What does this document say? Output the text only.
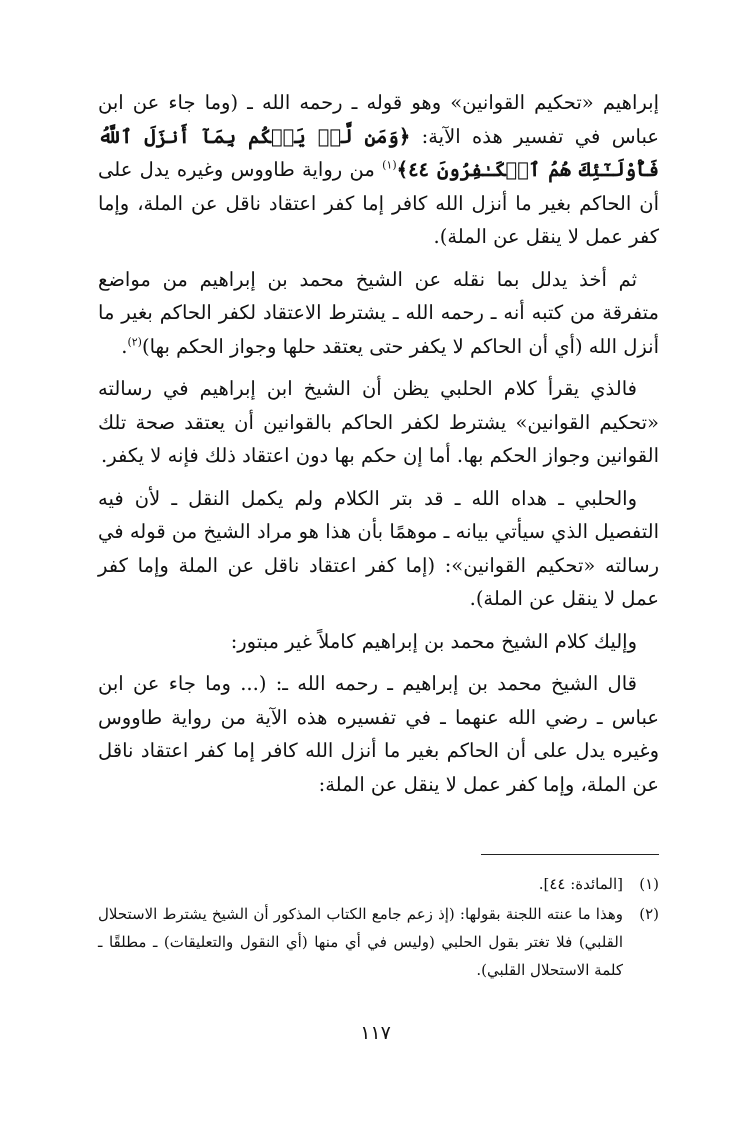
إبراهيم «تحكيم القوانين» وهو قوله ـ رحمه الله ـ (وما جاء عن ابن عباس في تفسير هذه الآية: ﴿وَمَن لَّمۡ يَحۡكُم بِمَآ أَنزَلَ ٱللَّهُ فَأُوْلَـٰٓئِكَ هُمُ ٱلۡكَـٰفِرُونَ ٤٤﴾$^{(١)}$ من رواية طاووس وغيره يدل على أن الحاكم بغير ما أنزل الله كافر إما كفر اعتقاد ناقل عن الملة، وإما كفر عمل لا ينقل عن الملة).

ثم أخذ يدلل بما نقله عن الشيخ محمد بن إبراهيم من مواضع متفرقة من كتبه أنه ـ رحمه الله ـ يشترط الاعتقاد لكفر الحاكم بغير ما أنزل الله (أي أن الحاكم لا يكفر حتى يعتقد حلها وجواز الحكم بها)$^{(٢)}$.

فالذي يقرأ كلام الحلبي يظن أن الشيخ ابن إبراهيم في رسالته «تحكيم القوانين» يشترط لكفر الحاكم بالقوانين أن يعتقد صحة تلك القوانين وجواز الحكم بها. أما إن حكم بها دون اعتقاد ذلك فإنه لا يكفر.

والحلبي ـ هداه الله ـ قد بتر الكلام ولم يكمل النقل ـ لأن فيه التفصيل الذي سيأتي بيانه ـ موهمًا بأن هذا هو مراد الشيخ من قوله في رسالته «تحكيم القوانين»: (إما كفر اعتقاد ناقل عن الملة وإما كفر عمل لا ينقل عن الملة).

وإليك كلام الشيخ محمد بن إبراهيم كاملاً غير مبتور:

قال الشيخ محمد بن إبراهيم ـ رحمه الله ـ: (... وما جاء عن ابن عباس ـ رضي الله عنهما ـ في تفسيره هذه الآية من رواية طاووس وغيره يدل على أن الحاكم بغير ما أنزل الله كافر إما كفر اعتقاد ناقل عن الملة، وإما كفر عمل لا ينقل عن الملة:

(١)
[المائدة: ٤٤].
(٢)
وهذا ما عنته اللجنة بقولها: (إذ زعم جامع الكتاب المذكور أن الشيخ يشترط الاستحلال القلبي) فلا تغتر بقول الحلبي (وليس في أي منها (أي النقول والتعليقات) ـ مطلقًا ـ كلمة الاستحلال القلبي).
١١٧
